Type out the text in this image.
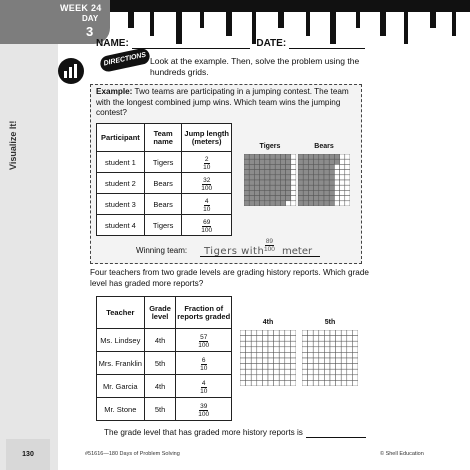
WEEK 24
DAY
3
Visualize It!
NAME:	DATE:
DIRECTIONS Look at the example. Then, solve the problem using the hundreds grids.
Example: Two teams are participating in a jumping contest. The team with the longest combined jump wins. Which team wins the jumping contest?
Participant	Team name	Jump length (meters)
student 1	Tigers	$\frac{2}{10}$

student 2	Bears	$\frac{32}{100}$

student 3	Bears	$\frac{4}{10}$

student 4	Tigers	$\frac{69}{100}$
Tigers	Bears
Winning team: Tigers with $\frac{89}{100}$ meter
Four teachers from two grade levels are grading history reports. Which grade level has graded more reports?
Teacher	Grade level	Fraction of reports graded
Ms. Lindsey	4th	$\frac{57}{100}$

Mrs. Franklin	5th	$\frac{6}{10}$

Mr. Garcia	4th	$\frac{4}{10}$

Mr. Stone	5th	$\frac{39}{100}$
4th	5th
The grade level that has graded more history reports is
130	#51616—180 Days of Problem Solving	© Shell Education
